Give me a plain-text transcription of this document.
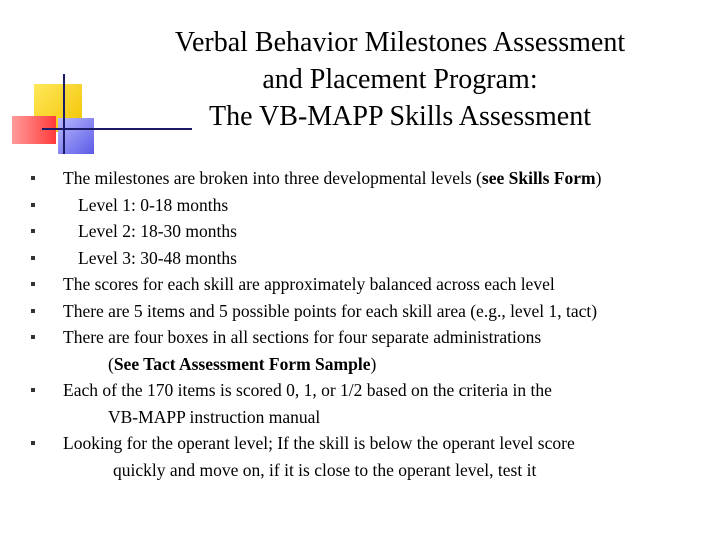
Verbal Behavior Milestones Assessment
and Placement Program:
The VB-MAPP Skills Assessment
The milestones are broken into three developmental levels (see Skills Form)
Level 1: 0-18 months
Level 2: 18-30 months
Level 3: 30-48 months
The scores for each skill are approximately balanced across each level
There are 5 items and 5 possible points for each skill area (e.g., level 1, tact)
There are four boxes in all sections for four separate administrations
(See Tact Assessment Form Sample)
Each of the 170 items is scored 0, 1, or 1/2 based on the criteria in the
VB-MAPP instruction manual
Looking for the operant level; If the skill is below the operant level score
quickly and move on, if it is close to the operant level, test it
